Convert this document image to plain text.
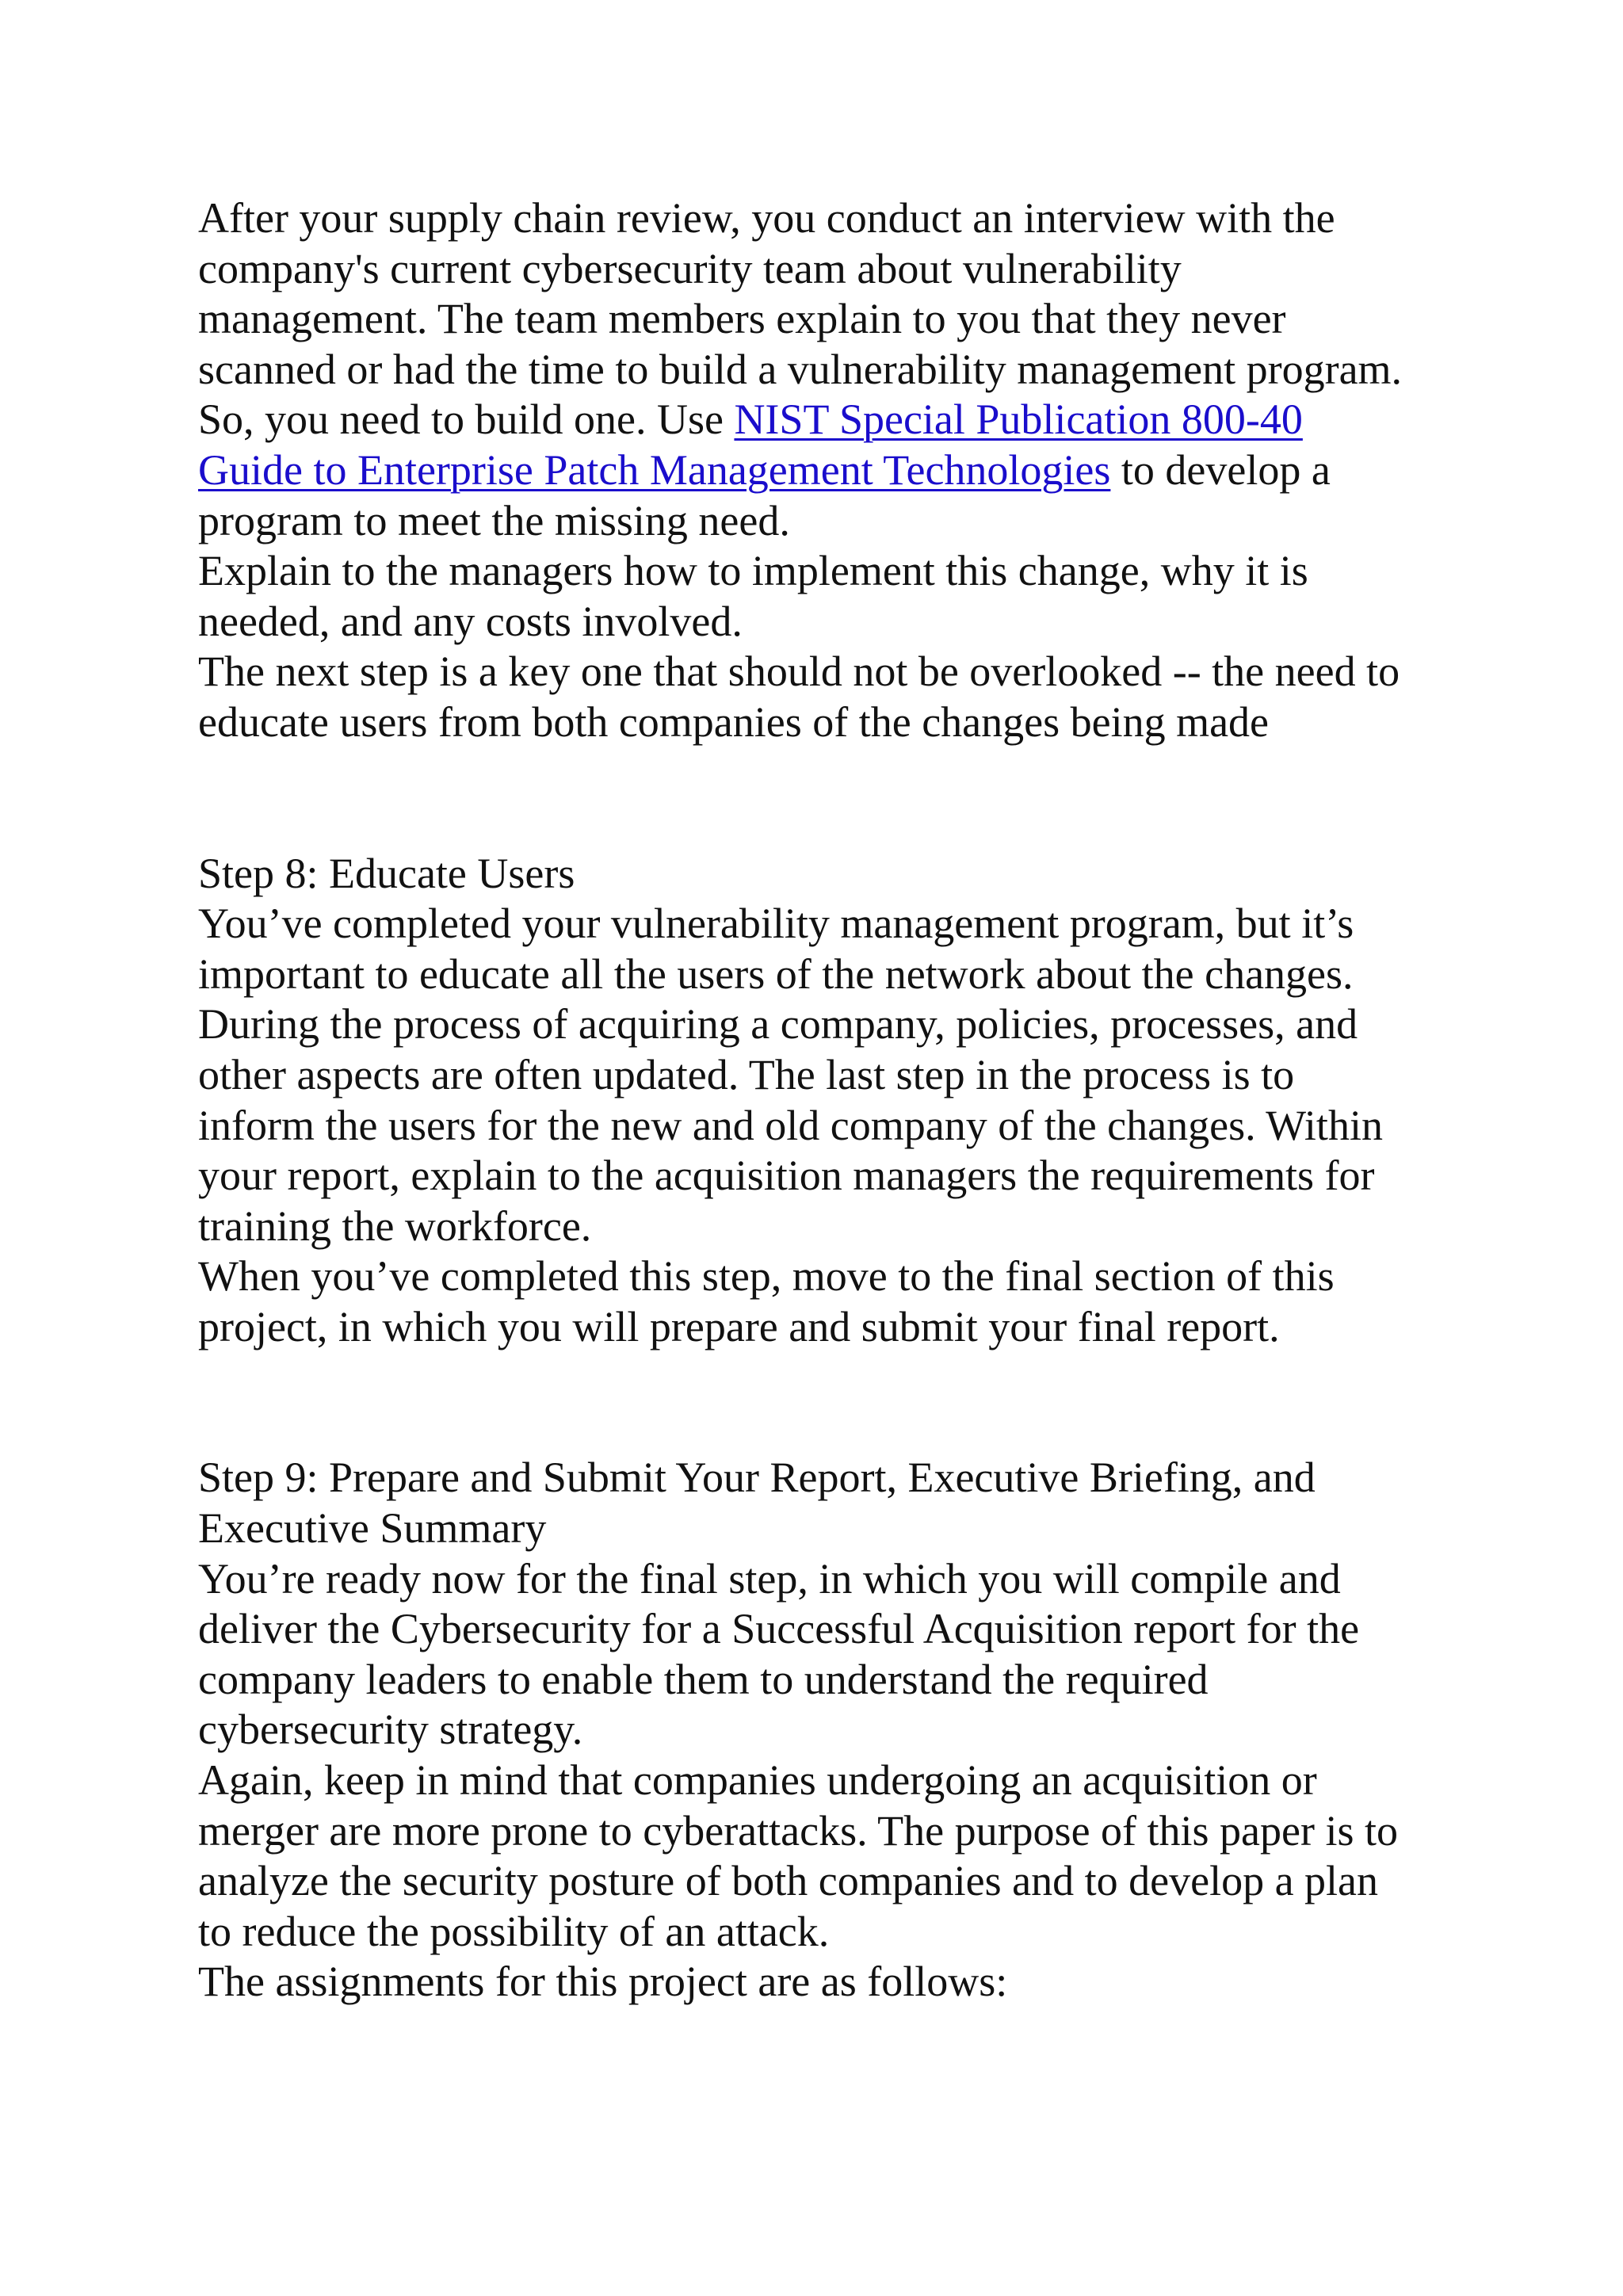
After your supply chain review, you conduct an interview with the
company's current cybersecurity team about vulnerability
management. The team members explain to you that they never
scanned or had the time to build a vulnerability management program.
So, you need to build one. Use NIST Special Publication 800-40
Guide to Enterprise Patch Management Technologies to develop a
program to meet the missing need.
Explain to the managers how to implement this change, why it is
needed, and any costs involved.
The next step is a key one that should not be overlooked -- the need to
educate users from both companies of the changes being made
Step 8: Educate Users
You’ve completed your vulnerability management program, but it’s
important to educate all the users of the network about the changes.
During the process of acquiring a company, policies, processes, and
other aspects are often updated. The last step in the process is to
inform the users for the new and old company of the changes. Within
your report, explain to the acquisition managers the requirements for
training the workforce.
When you’ve completed this step, move to the final section of this
project, in which you will prepare and submit your final report.
Step 9: Prepare and Submit Your Report, Executive Briefing, and
Executive Summary
You’re ready now for the final step, in which you will compile and
deliver the Cybersecurity for a Successful Acquisition report for the
company leaders to enable them to understand the required
cybersecurity strategy.
Again, keep in mind that companies undergoing an acquisition or
merger are more prone to cyberattacks. The purpose of this paper is to
analyze the security posture of both companies and to develop a plan
to reduce the possibility of an attack.
The assignments for this project are as follows:
